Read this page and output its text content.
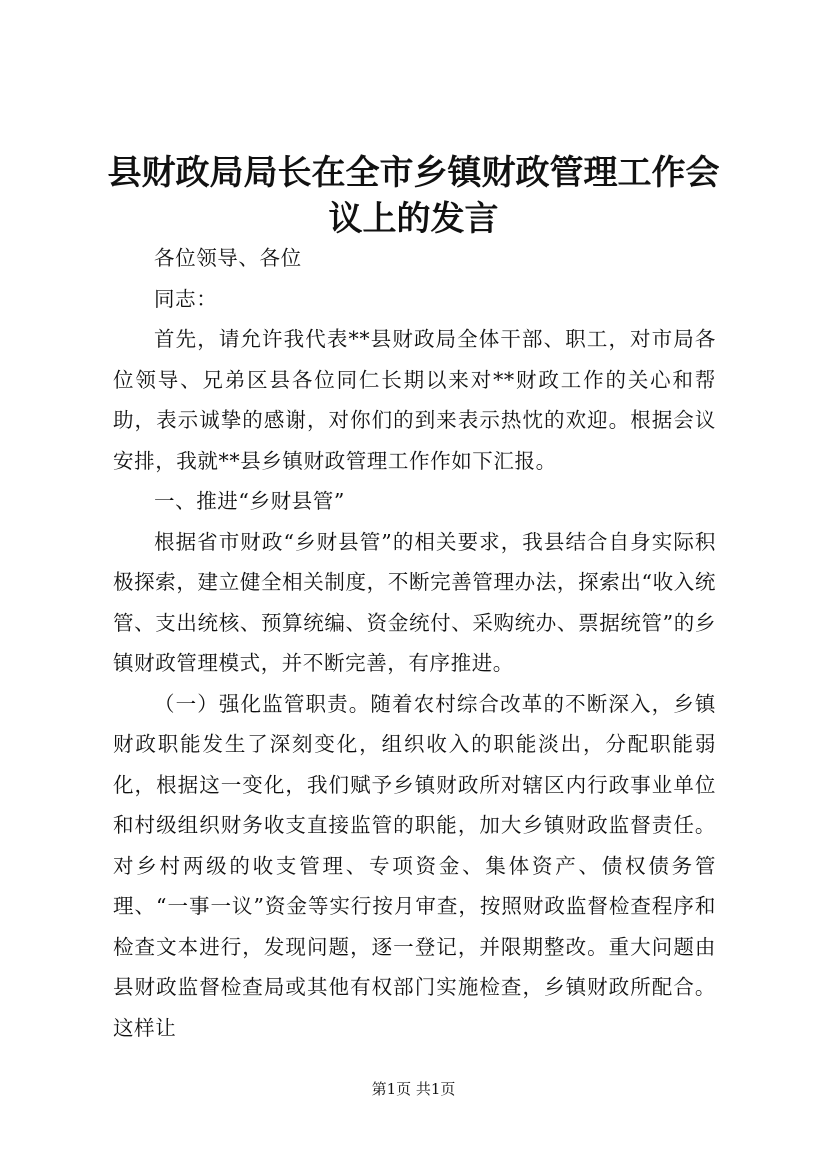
县财政局局长在全市乡镇财政管理工作会议上的发言

各位领导、各位

同志：

首先，请允许我代表**县财政局全体干部、职工，对市局各位领导、兄弟区县各位同仁长期以来对**财政工作的关心和帮助，表示诚挚的感谢，对你们的到来表示热忱的欢迎。根据会议安排，我就**县乡镇财政管理工作作如下汇报。

一、推进“乡财县管”

根据省市财政“乡财县管”的相关要求，我县结合自身实际积极探索，建立健全相关制度，不断完善管理办法，探索出“收入统管、支出统核、预算统编、资金统付、采购统办、票据统管”的乡镇财政管理模式，并不断完善，有序推进。

（一）强化监管职责。随着农村综合改革的不断深入，乡镇财政职能发生了深刻变化，组织收入的职能淡出，分配职能弱化，根据这一变化，我们赋予乡镇财政所对辖区内行政事业单位和村级组织财务收支直接监管的职能，加大乡镇财政监督责任。对乡村两级的收支管理、专项资金、集体资产、债权债务管理、“一事一议”资金等实行按月审查，按照财政监督检查程序和检查文本进行，发现问题，逐一登记，并限期整改。重大问题由县财政监督检查局或其他有权部门实施检查，乡镇财政所配合。这样让

第1页 共1页
